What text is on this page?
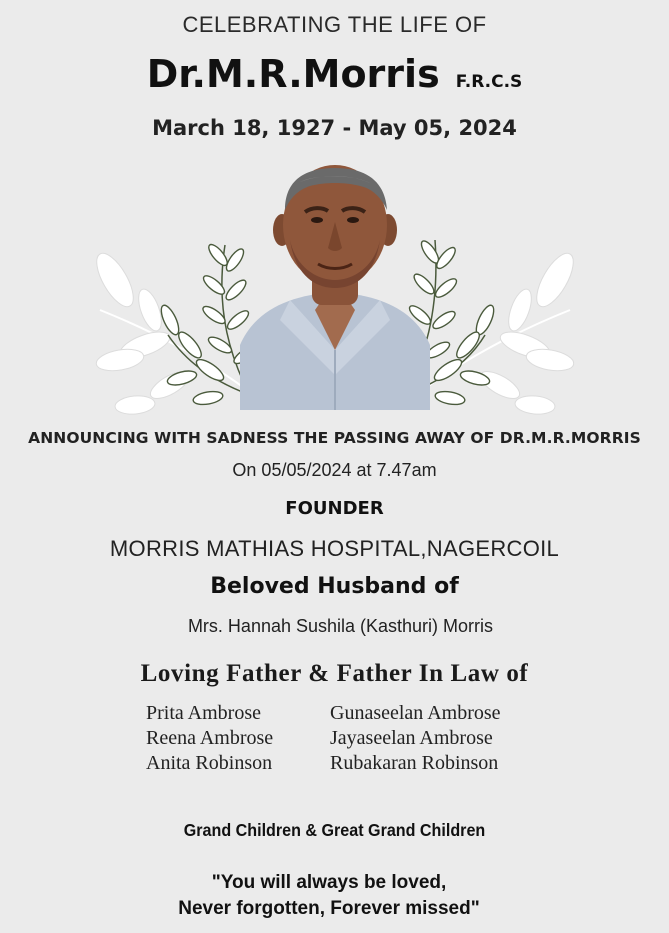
CELEBRATING THE LIFE OF
Dr.M.R.Morris F.R.C.S
March 18, 1927 - May 05, 2024
ANNOUNCING WITH SADNESS THE PASSING AWAY OF DR.M.R.MORRIS
On 05/05/2024 at 7.47am
FOUNDER
MORRIS MATHIAS HOSPITAL,NAGERCOIL
Beloved Husband of
Mrs. Hannah Sushila (Kasthuri) Morris
Loving Father & Father In Law of
Prita Ambrose
Reena Ambrose
Anita Robinson
Gunaseelan Ambrose
Jayaseelan Ambrose
Rubakaran Robinson
Grand Children & Great Grand Children
"You will always be loved,
Never forgotten, Forever missed"
